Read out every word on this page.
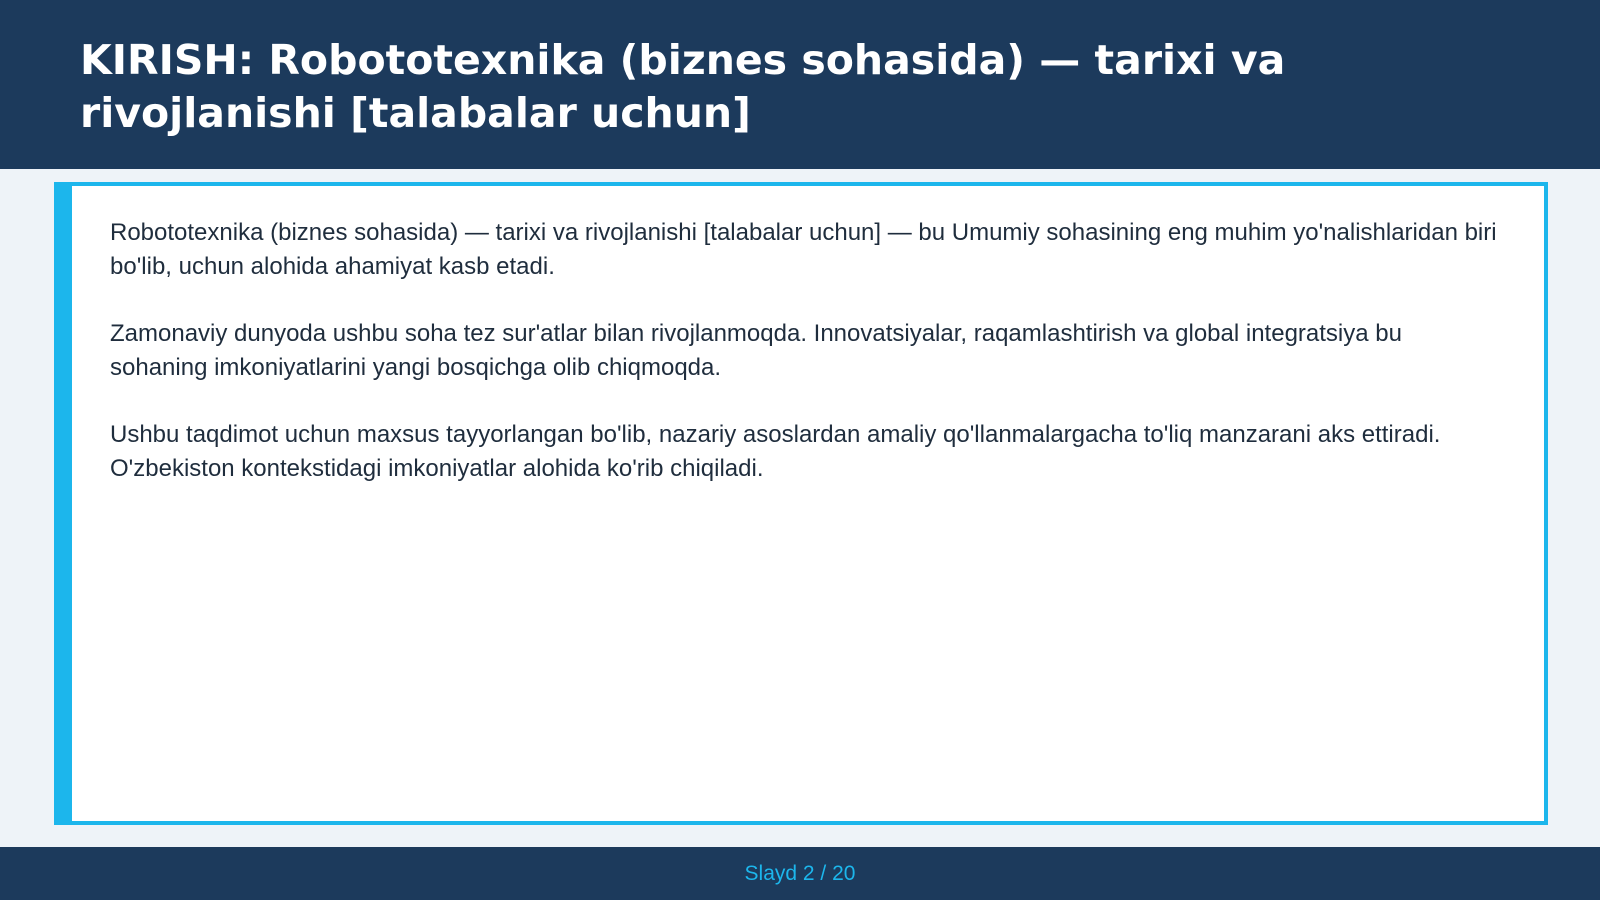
KIRISH: Robototexnika (biznes sohasida) — tarixi va rivojlanishi [talabalar uchun]

Robototexnika (biznes sohasida) — tarixi va rivojlanishi [talabalar uchun] — bu Umumiy sohasining eng muhim yo'nalishlaridan biri bo'lib, uchun alohida ahamiyat kasb etadi.

Zamonaviy dunyoda ushbu soha tez sur'atlar bilan rivojlanmoqda. Innovatsiyalar, raqamlashtirish va global integratsiya bu sohaning imkoniyatlarini yangi bosqichga olib chiqmoqda.

Ushbu taqdimot uchun maxsus tayyorlangan bo'lib, nazariy asoslardan amaliy qo'llanmalargacha to'liq manzarani aks ettiradi. O'zbekiston kontekstidagi imkoniyatlar alohida ko'rib chiqiladi.

Slayd 2 / 20
